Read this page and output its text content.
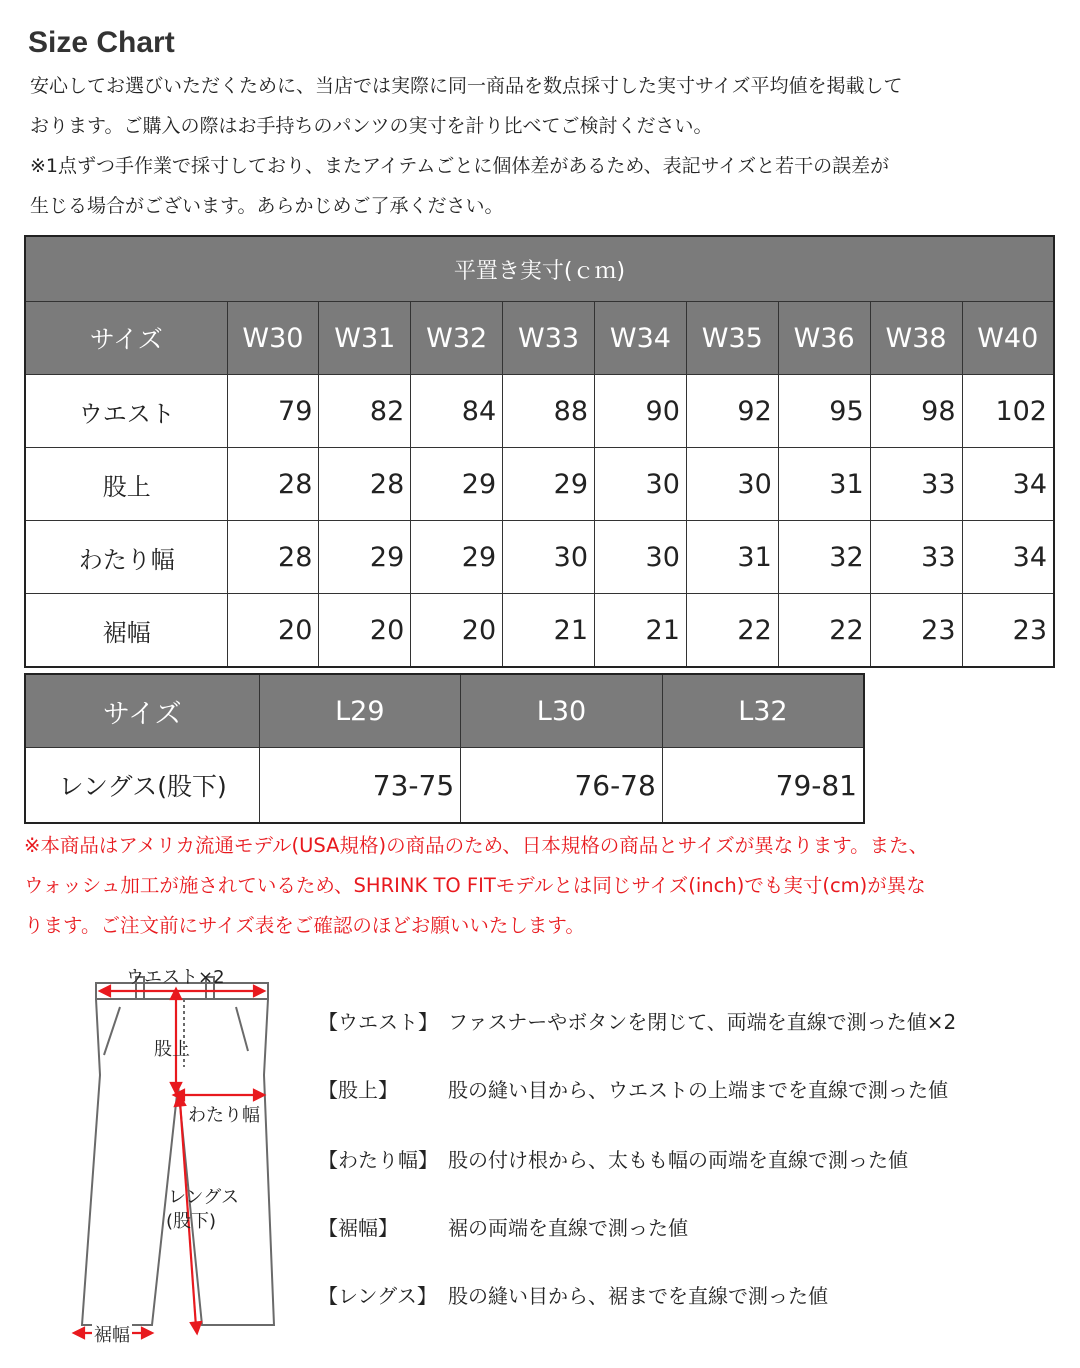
Size Chart

安心してお選びいただくために、当店では実際に同一商品を数点採寸した実寸サイズ平均値を掲載して

おります。ご購入の際はお手持ちのパンツの実寸を計り比べてご検討ください。

※1点ずつ手作業で採寸しており、またアイテムごとに個体差があるため、表記サイズと若干の誤差が

生じる場合がございます。あらかじめご了承ください。

平置き実寸(ｃｍ)									
サイズ	W30	W31	W32	W33	W34	W35	W36	W38	W40
ウエスト	79	82	84	88	90	92	95	98	102
股上	28	28	29	29	30	30	31	33	34
わたり幅	28	29	29	30	30	31	32	33	34
裾幅	20	20	20	21	21	22	22	23	23
サイズ	L29	L30	L32
レングス(股下)	73-75	76-78	79-81

※本商品はアメリカ流通モデル(USA規格)の商品のため、日本規格の商品とサイズが異なります。また、

ウォッシュ加工が施されているため、SHRINK TO FITモデルとは同じサイズ(inch)でも実寸(cm)が異な

ります。ご注文前にサイズ表をご確認のほどお願いいたします。

ウエスト×2
股上
わたり幅
レングス
(股下)
裾幅
【ウエスト】 ファスナーやボタンを閉じて、両端を直線で測った値×2
【股上】	股の縫い目から、ウエストの上端までを直線で測った値
【わたり幅】 股の付け根から、太もも幅の両端を直線で測った値
【裾幅】	裾の両端を直線で測った値
【レングス】 股の縫い目から、裾までを直線で測った値
